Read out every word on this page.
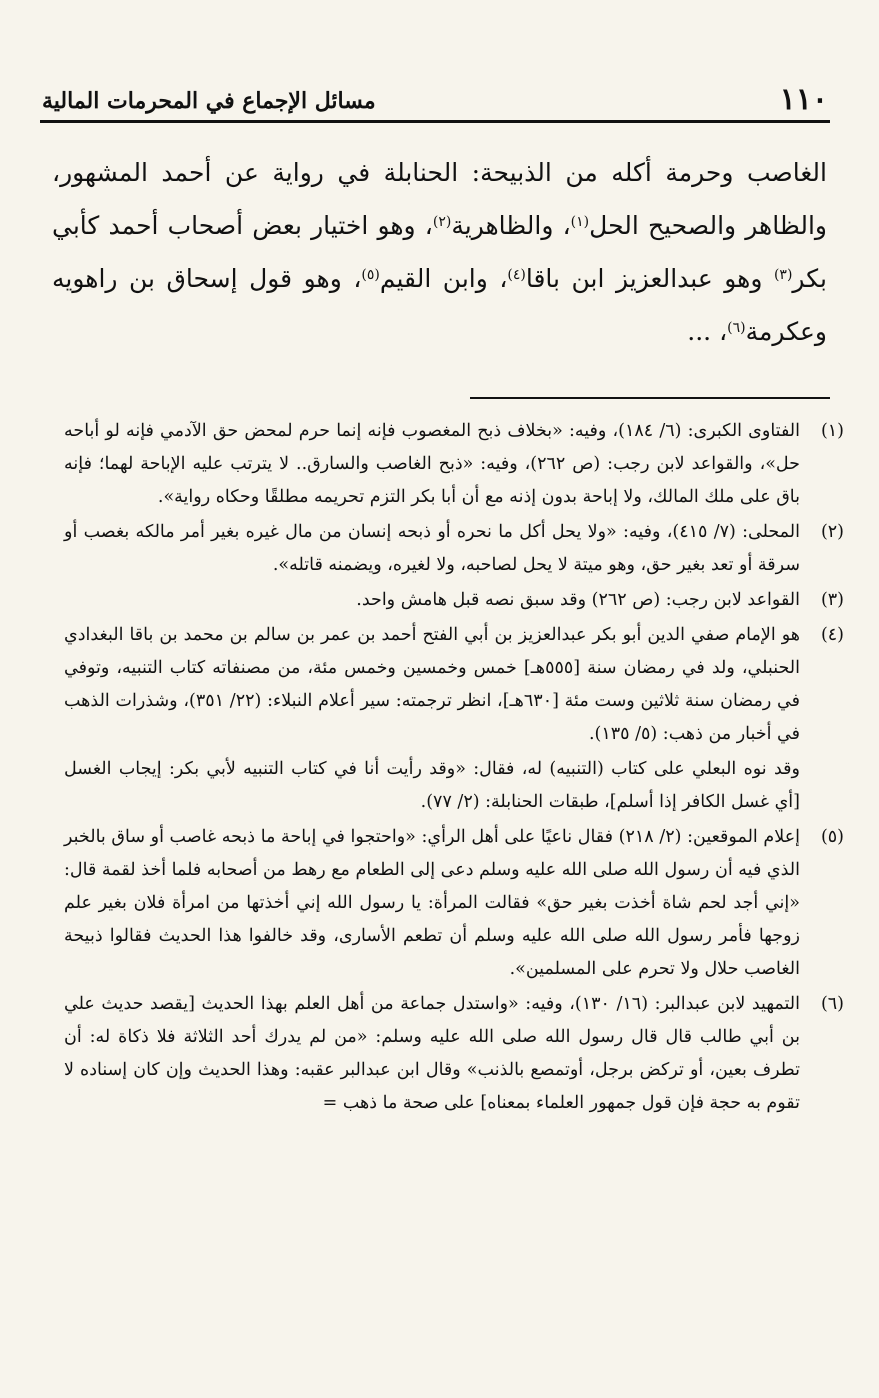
١١٠
مسائل الإجماع في المحرمات المالية

الغاصب وحرمة أكله من الذبيحة: الحنابلة في رواية عن أحمد المشهور، والظاهر والصحيح الحل$^{(١)}$، والظاهرية$^{(٢)}$، وهو اختيار بعض أصحاب أحمد كأبي بكر$^{(٣)}$ وهو عبدالعزيز ابن باقا$^{(٤)}$، وابن القيم$^{(٥)}$، وهو قول إسحاق بن راهويه وعكرمة$^{(٦)}$، ...

(١)
الفتاوى الكبرى: (٦/ ١٨٤)، وفيه: «بخلاف ذبح المغصوب فإنه إنما حرم لمحض حق الآدمي فإنه لو أباحه حل»، والقواعد لابن رجب: (ص ٢٦٢)، وفيه: «ذبح الغاصب والسارق.. لا يترتب عليه الإباحة لهما؛ فإنه باق على ملك المالك، ولا إباحة بدون إذنه مع أن أبا بكر التزم تحريمه مطلقًا وحكاه رواية».
(٢)
المحلى: (٧/ ٤١٥)، وفيه: «ولا يحل أكل ما نحره أو ذبحه إنسان من مال غيره بغير أمر مالكه بغصب أو سرقة أو تعد بغير حق، وهو ميتة لا يحل لصاحبه، ولا لغيره، ويضمنه قاتله».
(٣)
القواعد لابن رجب: (ص ٢٦٢) وقد سبق نصه قبل هامش واحد.
(٤)
هو الإمام صفي الدين أبو بكر عبدالعزيز بن أبي الفتح أحمد بن عمر بن سالم بن محمد بن باقا البغدادي الحنبلي، ولد في رمضان سنة [٥٥٥هـ] خمس وخمسين وخمس مئة، من مصنفاته كتاب التنبيه، وتوفي في رمضان سنة ثلاثين وست مئة [٦٣٠هـ]، انظر ترجمته: سير أعلام النبلاء: (٢٢/ ٣٥١)، وشذرات الذهب في أخبار من ذهب: (٥/ ١٣٥).
وقد نوه البعلي على كتاب (التنبيه) له، فقال: «وقد رأيت أنا في كتاب التنبيه لأبي بكر: إيجاب الغسل [أي غسل الكافر إذا أسلم]، طبقات الحنابلة: (٢/ ٧٧).
(٥)
إعلام الموقعين: (٢/ ٢١٨) فقال ناعيًا على أهل الرأي: «واحتجوا في إباحة ما ذبحه غاصب أو ساق بالخبر الذي فيه أن رسول الله صلى الله عليه وسلم دعى إلى الطعام مع رهط من أصحابه فلما أخذ لقمة قال: «إني أجد لحم شاة أخذت بغير حق» فقالت المرأة: يا رسول الله إني أخذتها من امرأة فلان بغير علم زوجها فأمر رسول الله صلى الله عليه وسلم أن تطعم الأسارى، وقد خالفوا هذا الحديث فقالوا ذبيحة الغاصب حلال ولا تحرم على المسلمين».
(٦)
التمهيد لابن عبدالبر: (١٦/ ١٣٠)، وفيه: «واستدل جماعة من أهل العلم بهذا الحديث [يقصد حديث علي بن أبي طالب قال قال رسول الله صلى الله عليه وسلم: «من لم يدرك أحد الثلاثة فلا ذكاة له: أن تطرف بعين، أو تركض برجل، أوتمصع بالذنب» وقال ابن عبدالبر عقبه: وهذا الحديث وإن كان إسناده لا تقوم به حجة فإن قول جمهور العلماء بمعناه] على صحة ما ذهب =
